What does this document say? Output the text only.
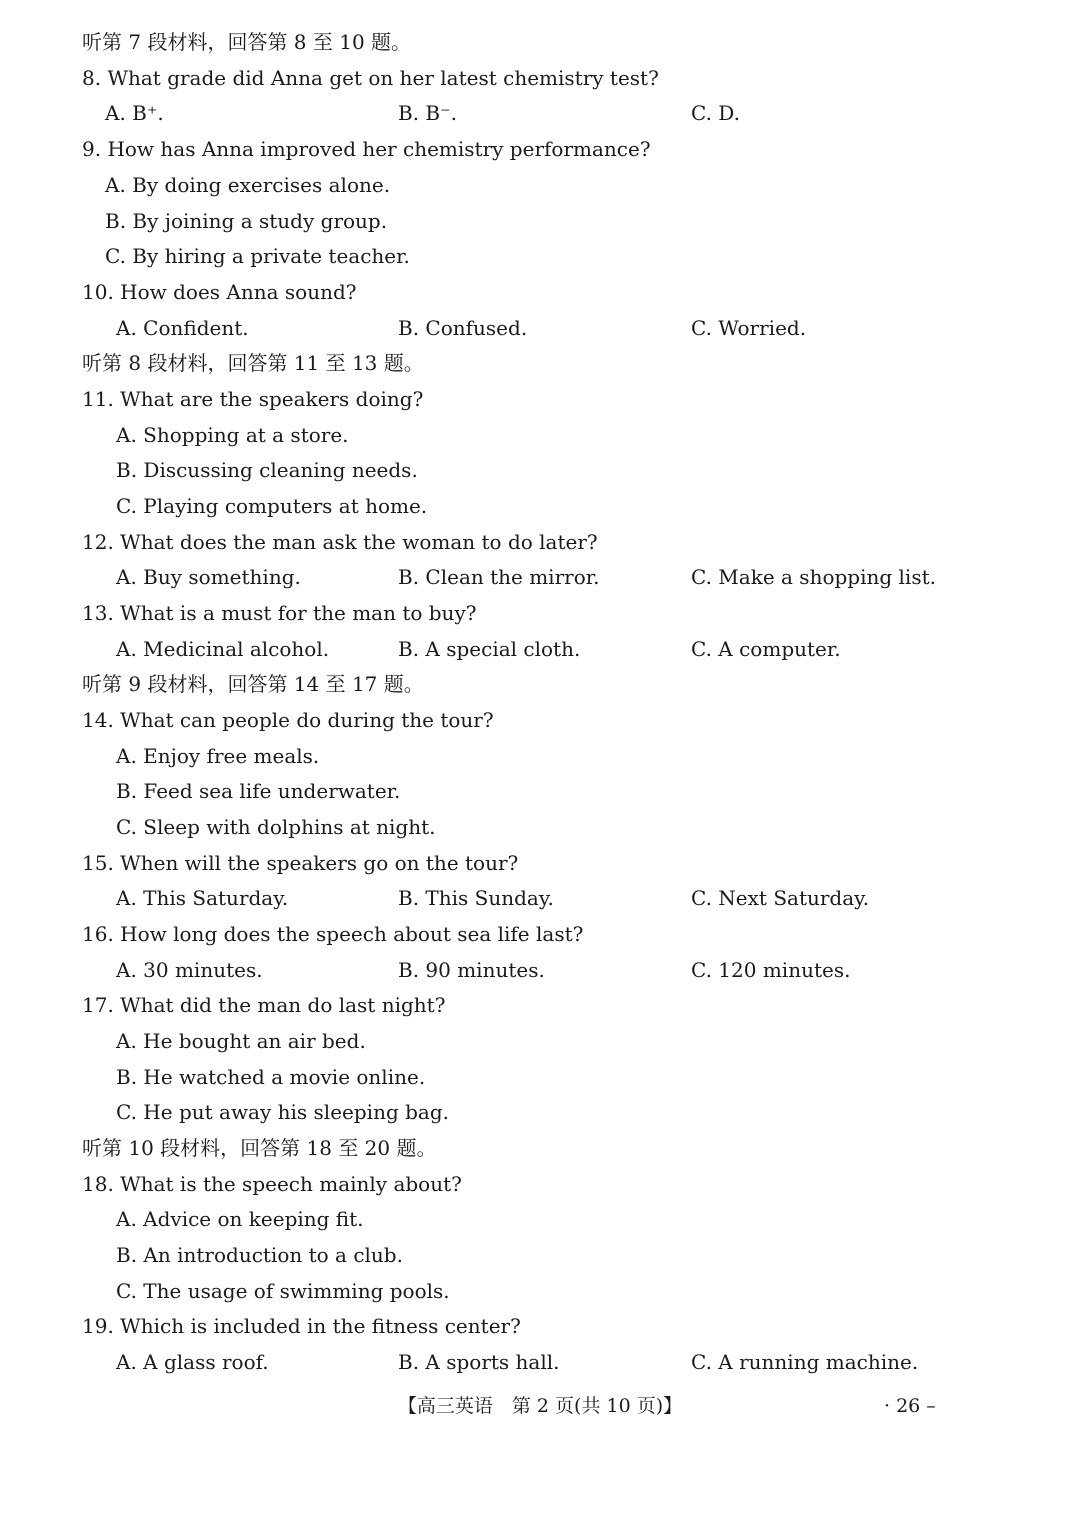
听第 7 段材料，回答第 8 至 10 题。
8. What grade did Anna get on her latest chemistry test?
A. B⁺.	B. B⁻.	C. D.
9. How has Anna improved her chemistry performance?
A. By doing exercises alone.
B. By joining a study group.
C. By hiring a private teacher.
10. How does Anna sound?
A. Confident.	B. Confused.	C. Worried.
听第 8 段材料，回答第 11 至 13 题。
11. What are the speakers doing?
A. Shopping at a store.
B. Discussing cleaning needs.
C. Playing computers at home.
12. What does the man ask the woman to do later?
A. Buy something.	B. Clean the mirror.	C. Make a shopping list.
13. What is a must for the man to buy?
A. Medicinal alcohol.	B. A special cloth.	C. A computer.
听第 9 段材料，回答第 14 至 17 题。
14. What can people do during the tour?
A. Enjoy free meals.
B. Feed sea life underwater.
C. Sleep with dolphins at night.
15. When will the speakers go on the tour?
A. This Saturday.	B. This Sunday.	C. Next Saturday.
16. How long does the speech about sea life last?
A. 30 minutes.	B. 90 minutes.	C. 120 minutes.
17. What did the man do last night?
A. He bought an air bed.
B. He watched a movie online.
C. He put away his sleeping bag.
听第 10 段材料，回答第 18 至 20 题。
18. What is the speech mainly about?
A. Advice on keeping fit.
B. An introduction to a club.
C. The usage of swimming pools.
19. Which is included in the fitness center?
A. A glass roof.	B. A sports hall.	C. A running machine.
【高三英语　第 2 页(共 10 页)】	· 26 –
